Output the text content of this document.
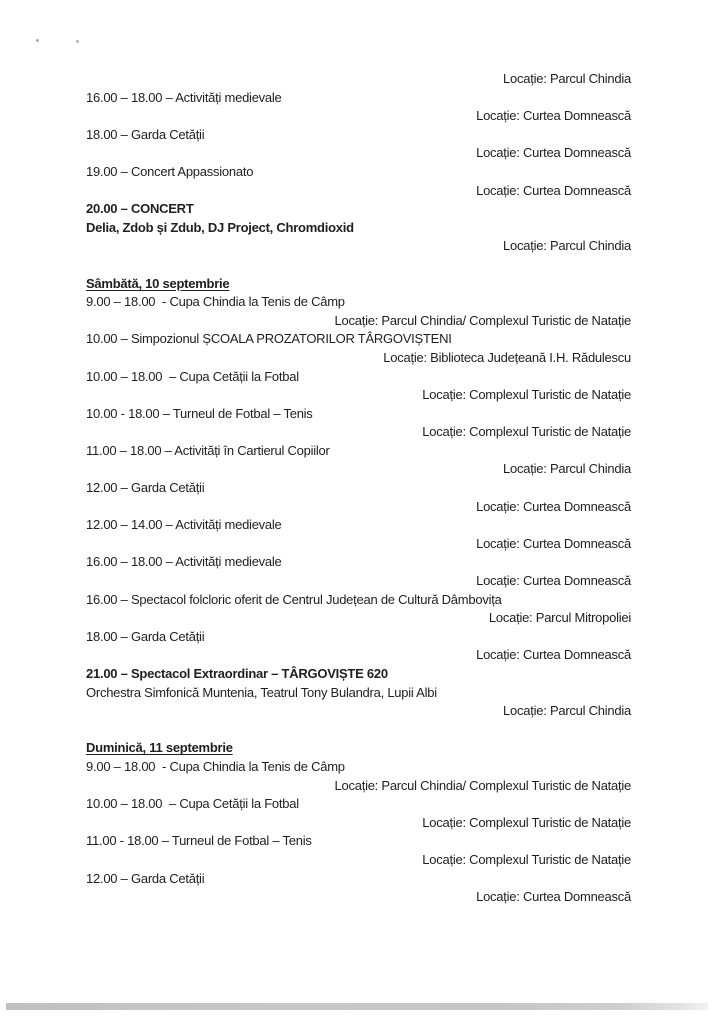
Locație: Parcul Chindia
16.00 – 18.00 – Activități medievale
Locație: Curtea Domnească
18.00 – Garda Cetății
Locație: Curtea Domnească
19.00 – Concert Appassionato
Locație: Curtea Domnească
20.00 – CONCERT
Delia, Zdob și Zdub, DJ Project, Chromdioxid
Locație: Parcul Chindia
Sâmbătă, 10 septembrie
9.00 – 18.00  - Cupa Chindia la Tenis de Câmp
Locație: Parcul Chindia/ Complexul Turistic de Natație
10.00 – Simpozionul ȘCOALA PROZATORILOR TÂRGOVIȘTENI
Locație: Biblioteca Județeană I.H. Rădulescu
10.00 – 18.00  – Cupa Cetății la Fotbal
Locație: Complexul Turistic de Natație
10.00 - 18.00 – Turneul de Fotbal – Tenis
Locație: Complexul Turistic de Natație
11.00 – 18.00 – Activități în Cartierul Copiilor
Locație: Parcul Chindia
12.00 – Garda Cetății
Locație: Curtea Domnească
12.00 – 14.00 – Activități medievale
Locație: Curtea Domnească
16.00 – 18.00 – Activități medievale
Locație: Curtea Domnească
16.00 – Spectacol folcloric oferit de Centrul Județean de Cultură Dâmbovița
Locație: Parcul Mitropoliei
18.00 – Garda Cetății
Locație: Curtea Domnească
21.00 – Spectacol Extraordinar – TÂRGOVIȘTE 620
Orchestra Simfonică Muntenia, Teatrul Tony Bulandra, Lupii Albi
Locație: Parcul Chindia
Duminică, 11 septembrie
9.00 – 18.00  - Cupa Chindia la Tenis de Câmp
Locație: Parcul Chindia/ Complexul Turistic de Natație
10.00 – 18.00  – Cupa Cetății la Fotbal
Locație: Complexul Turistic de Natație
11.00 - 18.00 – Turneul de Fotbal – Tenis
Locație: Complexul Turistic de Natație
12.00 – Garda Cetății
Locație: Curtea Domnească
